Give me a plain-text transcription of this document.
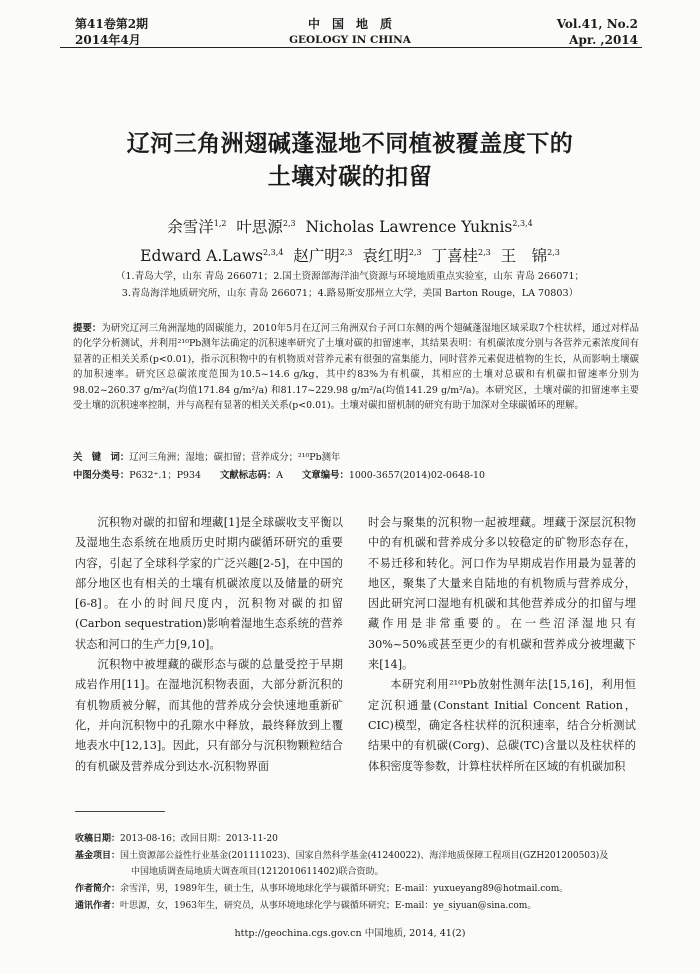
第41卷第2期
2014年4月
中　国　地　质
GEOLOGY IN CHINA
Vol.41, No.2
Apr. ,2014
辽河三角洲翅碱蓬湿地不同植被覆盖度下的
土壤对碳的扣留
余雪洋$^{1,2}$ 叶思源$^{2,3}$ Nicholas Lawrence Yuknis$^{2,3,4}$
Edward A.Laws$^{2,3,4}$ 赵广明$^{2,3}$ 袁红明$^{2,3}$ 丁喜桂$^{2,3}$ 王　锦$^{2,3}$
（1.青岛大学，山东 青岛 266071；2.国土资源部海洋油气资源与环境地质重点实验室，山东 青岛 266071；
3.青岛海洋地质研究所，山东 青岛 266071；4.路易斯安那州立大学，美国 Barton Rouge，LA 70803）
提要：为研究辽河三角洲湿地的固碳能力，2010年5月在辽河三角洲双台子河口东侧的两个翅碱蓬湿地区域采取7个柱状样，通过对样品的化学分析测试，并利用²¹⁰Pb测年法确定的沉积速率研究了土壤对碳的扣留速率，其结果表明：有机碳浓度分别与各营养元素浓度间有显著的正相关关系(p<0.01)，指示沉积物中的有机物质对营养元素有很强的富集能力，同时营养元素促进植物的生长，从而影响土壤碳的加积速率。研究区总碳浓度范围为10.5~14.6 g/kg，其中约83%为有机碳，其相应的土壤对总碳和有机碳扣留速率分别为98.02~260.37 g/m²/a(均值171.84 g/m²/a) 和81.17~229.98 g/m²/a(均值141.29 g/m²/a)。本研究区，土壤对碳的扣留速率主要受土壤的沉积速率控制，并与高程有显著的相关关系(p<0.01)。土壤对碳扣留机制的研究有助于加深对全球碳循环的理解。
关　键　词：辽河三角洲；湿地；碳扣留；营养成分；²¹⁰Pb测年
中图分类号：P632⁺.1；P934 文献标志码：A 文章编号：1000-3657(2014)02-0648-10

沉积物对碳的扣留和埋藏[1]是全球碳收支平衡以及湿地生态系统在地质历史时期内碳循环研究的重要内容，引起了全球科学家的广泛兴趣[2-5]，在中国的部分地区也有相关的土壤有机碳浓度以及储量的研究[6-8]。在小的时间尺度内，沉积物对碳的扣留(Carbon sequestration)影响着湿地生态系统的营养状态和河口的生产力[9,10]。

沉积物中被埋藏的碳形态与碳的总量受控于早期成岩作用[11]。在湿地沉积物表面，大部分新沉积的有机物质被分解，而其他的营养成分会快速地重新矿化，并向沉积物中的孔隙水中释放，最终释放到上覆地表水中[12,13]。因此，只有部分与沉积物颗粒结合的有机碳及营养成分到达水-沉积物界面

时会与聚集的沉积物一起被埋藏。埋藏于深层沉积物中的有机碳和营养成分多以较稳定的矿物形态存在，不易迁移和转化。河口作为早期成岩作用最为显著的地区，聚集了大量来自陆地的有机物质与营养成分，因此研究河口湿地有机碳和其他营养成分的扣留与埋藏作用是非常重要的。在一些沼泽湿地只有30%~50%或甚至更少的有机碳和营养成分被埋藏下来[14]。

本研究利用²¹⁰Pb放射性测年法[15,16]，利用恒定沉积通量(Constant Initial Concent Ration，CIC)模型，确定各柱状样的沉积速率，结合分析测试结果中的有机碳(Corg)、总碳(TC)含量以及柱状样的体积密度等参数，计算柱状样所在区域的有机碳加积

收稿日期：2013-08-16；改回日期：2013-11-20
基金项目：国土资源部公益性行业基金(201111023)、国家自然科学基金(41240022)、海洋地质保障工程项目(GZH201200503)及
中国地质调查局地质大调查项目(1212010611402)联合资助。
作者简介：余雪洋，男，1989年生，硕士生，从事环境地球化学与碳循环研究；E-mail：yuxueyang89@hotmail.com。
通讯作者：叶思源，女，1963年生，研究员，从事环境地球化学与碳循环研究；E-mail：ye_siyuan@sina.com。
http://geochina.cgs.gov.cn 中国地质, 2014, 41(2)
